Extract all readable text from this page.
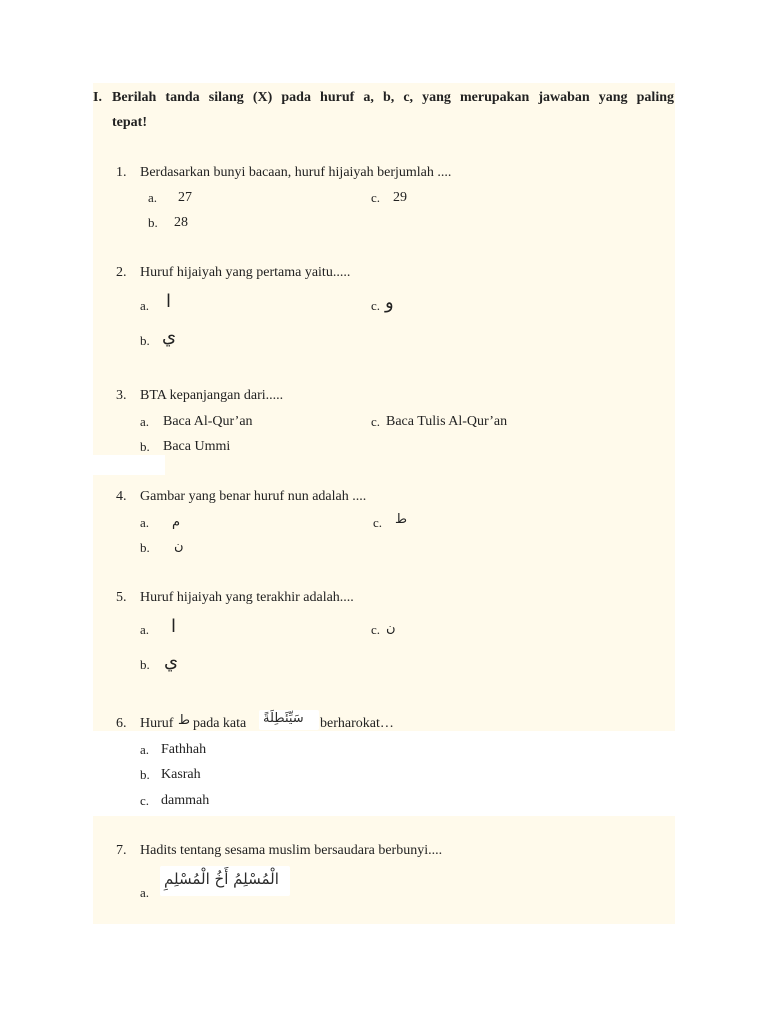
I. Berilah tanda silang (X) pada huruf a, b, c, yang merupakan jawaban yang paling
tepat!
1. Berdasarkan bunyi bacaan, huruf hijaiyah berjumlah ....
a. 27	c. 29
b. 28
2. Huruf hijaiyah yang pertama yaitu.....
a. ا	c. و
b. ي
3. BTA kepanjangan dari.....
a. Baca Al-Qur’an	c. Baca Tulis Al-Qur’an
b. Baca Ummi
4. Gambar yang benar huruf nun adalah ....
a. م	c. ط
b. ن
5. Huruf hijaiyah yang terakhir adalah....
a. ا	c. ن
b. ي
6. Huruf ط pada kata سَيِّئَطِلَةً berharokat…
a. Fathhah
b. Kasrah
c. dammah
7. Hadits tentang sesama muslim bersaudara berbunyi....
a.
الْمُسْلِمُ أَخُ الْمُسْلِمِ
